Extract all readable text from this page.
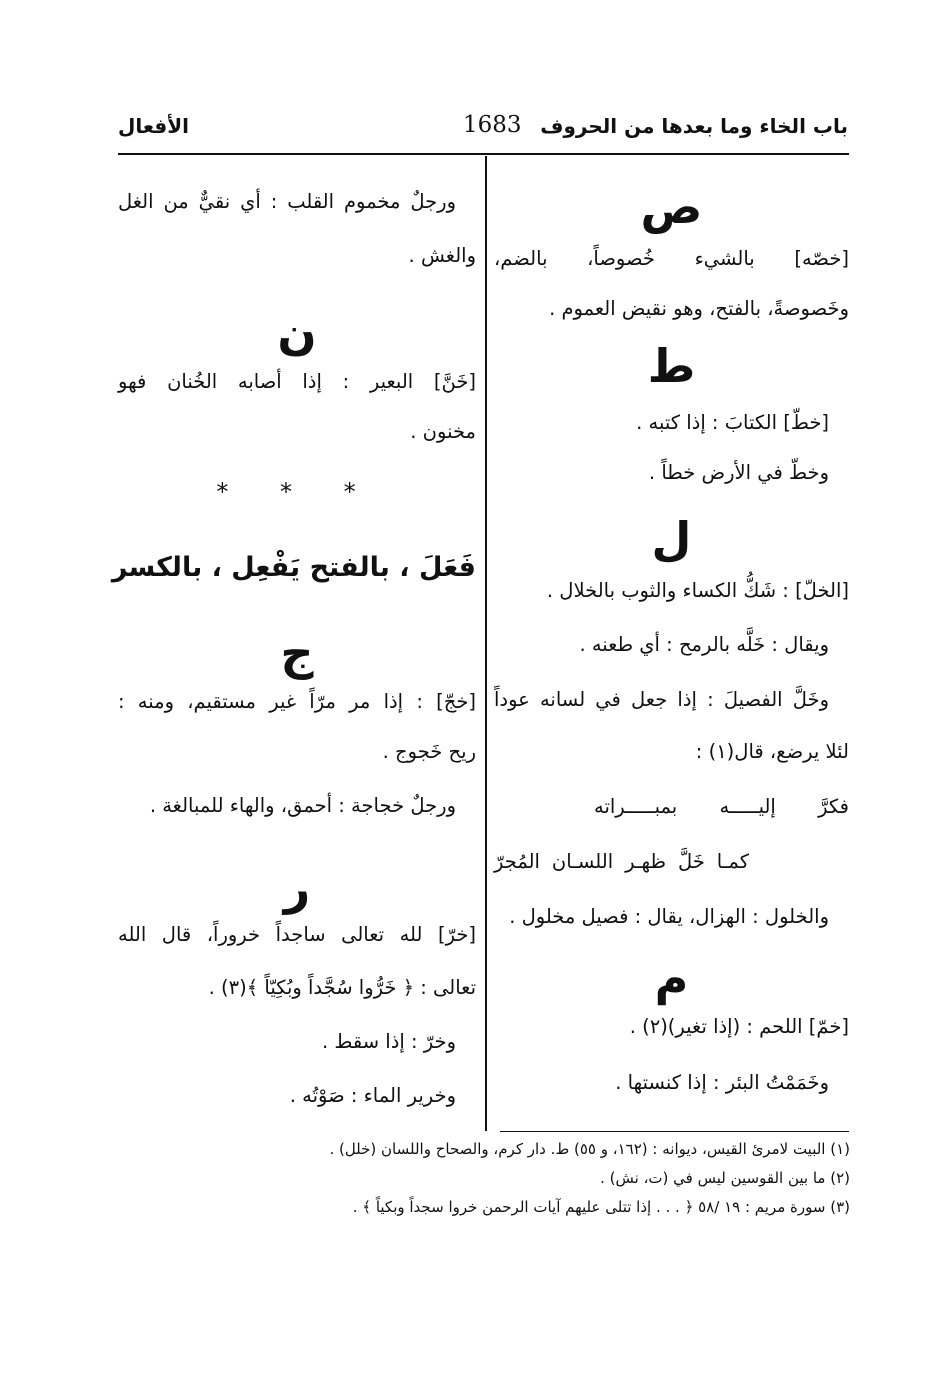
باب الخاء وما بعدها من الحروف
1683
الأفعال
ص
[خصّه] بالشيء خُصوصاً، بالضم،
وخَصوصةً، بالفتح، وهو نقيض العموم .
ط
[خطّ] الكتابَ : إذا كتبه .
وخطّ في الأرض خطاً .
ل
[الخلّ] : شَكُّ الكساء والثوب بالخلال .
ويقال : خَلَّه بالرمح : أي طعنه .
وخَلَّ الفصيلَ : إذا جعل في لسانه عوداً
لئلا يرضع، قال(١) :
فكرَّ إليـــــه بمبـــــراته
كمـا خَلَّ ظهـر اللسـان المُجرّ
والخلول : الهزال، يقال : فصيل مخلول .
م
[خمّ] اللحم : (إذا تغير)(٢) .
وخَمَمْتُ البئر : إذا كنستها .
ورجلٌ مخموم القلب : أي نقيٌّ من الغل
والغش .
ن
[خَنَّ] البعير : إذا أصابه الخُنان فهو
مخنون .
* * *
فَعَلَ ، بالفتح يَفْعِل ، بالكسر
ج
[خجّ] : إذا مر مرّاً غير مستقيم، ومنه :
ريح خَجوج .
ورجلٌ خجاجة : أحمق، والهاء للمبالغة .
ر
[خرّ] لله تعالى ساجداً خروراً، قال الله
تعالى : ﴿ خَرُّوا سُجَّداً وبُكِيّاً ﴾(٣) .
وخرّ : إذا سقط .
وخرير الماء : صَوْتُه .
(١) البيت لامرئ القيس، ديوانه : (١٦٢، و ٥٥) ط. دار كرم، والصحاح واللسان (خلل) .
(٢) ما بين القوسين ليس في (ت، نش) .
(٣) سورة مريم : ١٩ /٥٨ ﴿ . . . إذا تتلى عليهم آيات الرحمن خروا سجداً وبكياً ﴾ .
